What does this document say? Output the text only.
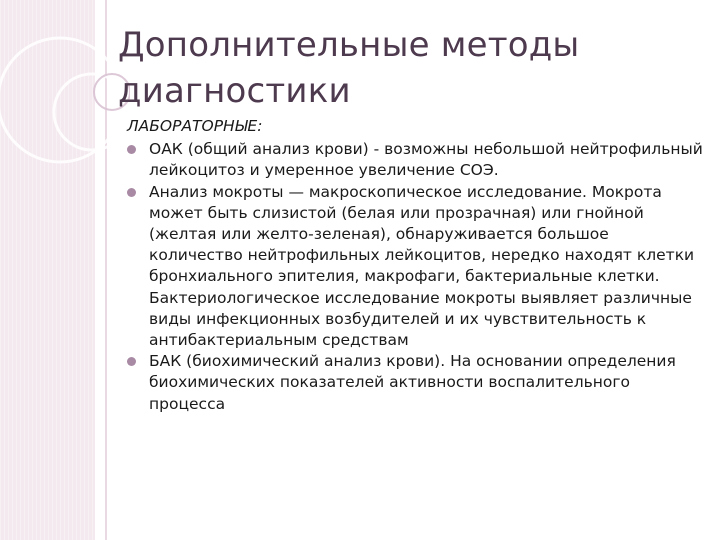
Дополнительные методы диагностики
ЛАБОРАТОРНЫЕ:
ОАК (общий анализ крови) - возможны небольшой нейтрофильный лейкоцитоз и умеренное увеличение СОЭ.
Анализ мокроты — макроскопическое исследование. Мокрота может быть слизистой (белая или прозрачная) или гнойной (желтая или желто-зеленая), обнаруживается большое количество нейтрофильных лейкоцитов, нередко находят клетки бронхиального эпителия, макрофаги, бактериальные клетки. Бактериологическое исследование мокроты выявляет различные виды инфекционных возбудителей и их чувствительность к антибактериальным средствам
БАК (биохимический анализ крови). На основании определения биохимических показателей активности воспалительного процесса
